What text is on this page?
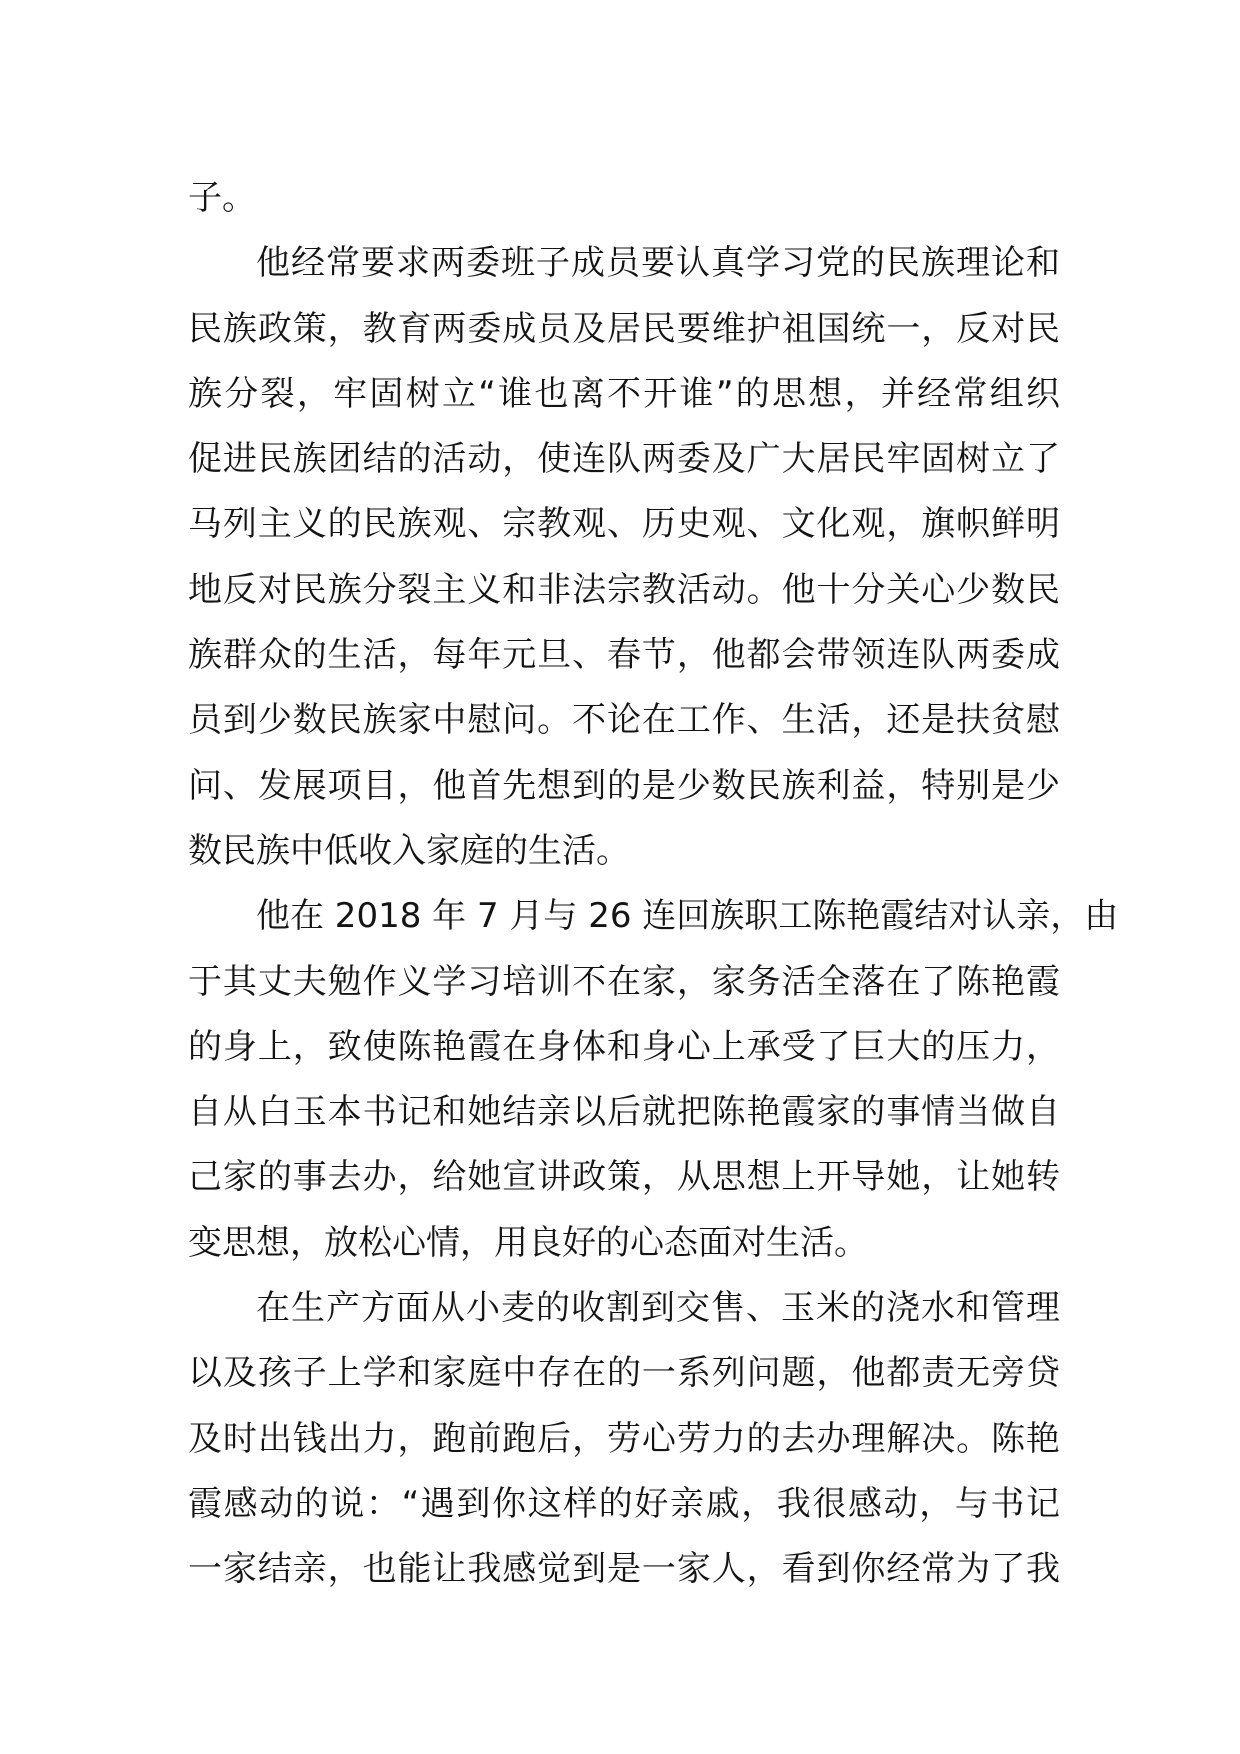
子。
他经常要求两委班子成员要认真学习党的民族理论和
民族政策，教育两委成员及居民要维护祖国统一，反对民
族分裂，牢固树立“谁也离不开谁”的思想，并经常组织
促进民族团结的活动，使连队两委及广大居民牢固树立了
马列主义的民族观、宗教观、历史观、文化观，旗帜鲜明
地反对民族分裂主义和非法宗教活动。他十分关心少数民
族群众的生活，每年元旦、春节，他都会带领连队两委成
员到少数民族家中慰问。不论在工作、生活，还是扶贫慰
问、发展项目，他首先想到的是少数民族利益，特别是少
数民族中低收入家庭的生活。
他在 2018 年 7 月与 26 连回族职工陈艳霞结对认亲，由
于其丈夫勉作义学习培训不在家，家务活全落在了陈艳霞
的身上，致使陈艳霞在身体和身心上承受了巨大的压力，
自从白玉本书记和她结亲以后就把陈艳霞家的事情当做自
己家的事去办，给她宣讲政策，从思想上开导她，让她转
变思想，放松心情，用良好的心态面对生活。
在生产方面从小麦的收割到交售、玉米的浇水和管理
以及孩子上学和家庭中存在的一系列问题，他都责无旁贷
及时出钱出力，跑前跑后，劳心劳力的去办理解决。陈艳
霞感动的说：“遇到你这样的好亲戚，我很感动，与书记
一家结亲，也能让我感觉到是一家人，看到你经常为了我
